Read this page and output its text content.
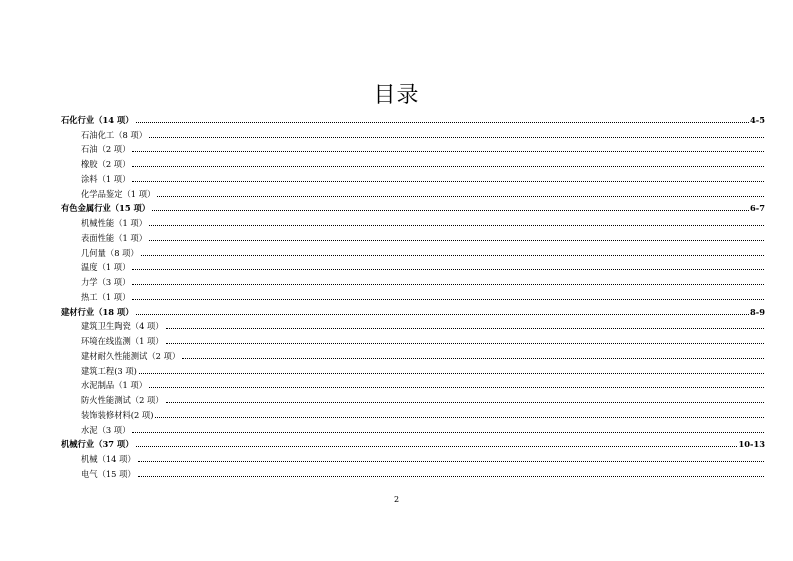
目录
石化行业（14 项）	4-5
石油化工（8 项）
石油（2 项）
橡胶（2 项）
涂料（1 项）
化学品鉴定（1 项）
有色金属行业（15 项）	6-7
机械性能（1 项）
表面性能（1 项）
几何量（8 项）
温度（1 项）
力学（3 项）
热工（1 项）
建材行业（18 项）	8-9
建筑卫生陶瓷（4 项）
环境在线监测（1 项）
建材耐久性能测试（2 项）
建筑工程(3 项)
水泥制品（1 项）
防火性能测试（2 项）
装饰装修材料(2 项)
水泥（3 项）
机械行业（37 项）	10-13
机械（14 项）
电气（15 项）
2
